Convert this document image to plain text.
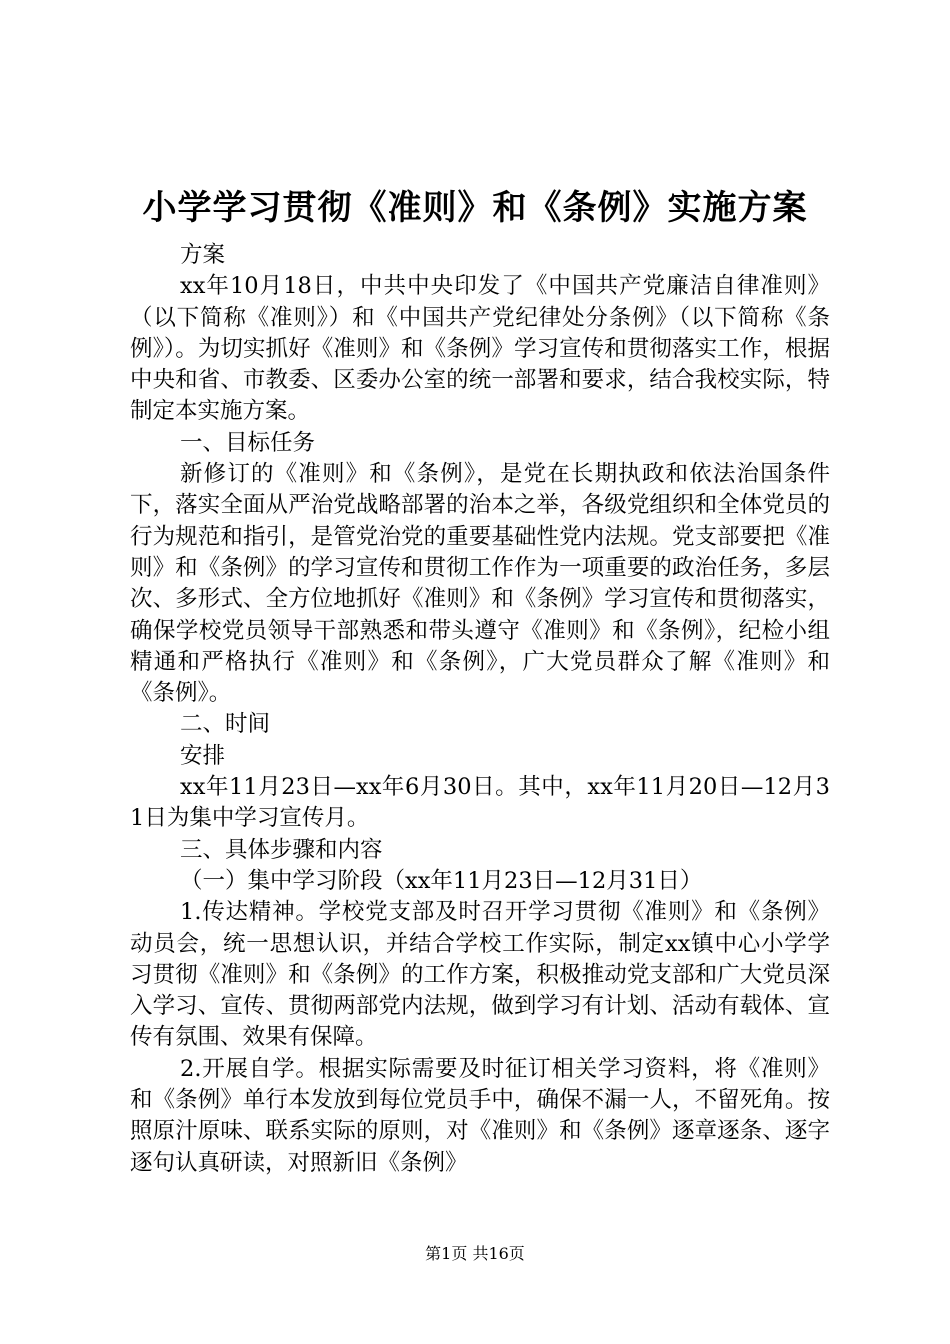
小学学习贯彻《准则》和《条例》实施方案

方案

xx年10月18日，中共中央印发了《中国共产党廉洁自律准则》（以下简称《准则》）和《中国共产党纪律处分条例》（以下简称《条例》）。为切实抓好《准则》和《条例》学习宣传和贯彻落实工作，根据中央和省、市教委、区委办公室的统一部署和要求，结合我校实际，特制定本实施方案。

一、目标任务

新修订的《准则》和《条例》，是党在长期执政和依法治国条件下，落实全面从严治党战略部署的治本之举，各级党组织和全体党员的行为规范和指引，是管党治党的重要基础性党内法规。党支部要把《准则》和《条例》的学习宣传和贯彻工作作为一项重要的政治任务，多层次、多形式、全方位地抓好《准则》和《条例》学习宣传和贯彻落实，确保学校党员领导干部熟悉和带头遵守《准则》和《条例》，纪检小组精通和严格执行《准则》和《条例》，广大党员群众了解《准则》和《条例》。

二、时间

安排

xx年11月23日—xx年6月30日。其中，xx年11月20日—12月31日为集中学习宣传月。

三、具体步骤和内容

（一）集中学习阶段（xx年11月23日—12月31日）

1.传达精神。学校党支部及时召开学习贯彻《准则》和《条例》动员会，统一思想认识，并结合学校工作实际，制定xx镇中心小学学习贯彻《准则》和《条例》的工作方案，积极推动党支部和广大党员深入学习、宣传、贯彻两部党内法规，做到学习有计划、活动有载体、宣传有氛围、效果有保障。

2.开展自学。根据实际需要及时征订相关学习资料，将《准则》和《条例》单行本发放到每位党员手中，确保不漏一人，不留死角。按照原汁原味、联系实际的原则，对《准则》和《条例》逐章逐条、逐字逐句认真研读，对照新旧《条例》

第1页 共16页
